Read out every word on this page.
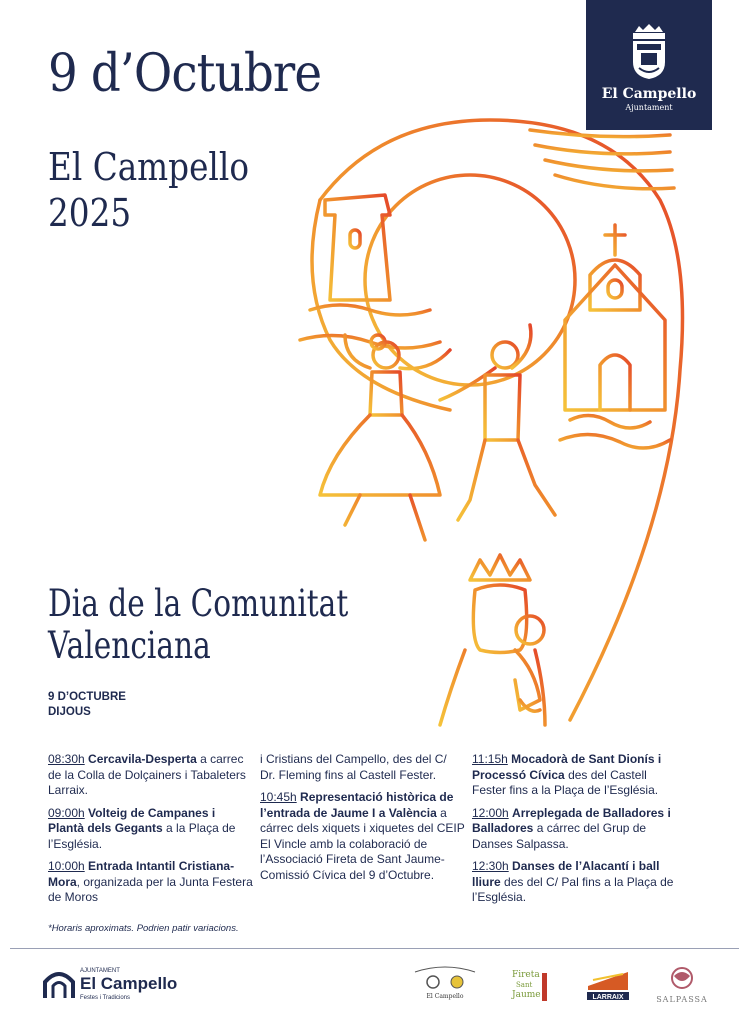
9 d’Octubre
El Campello
2025
El Campello
Ajuntament
Dia de la Comunitat Valenciana
9 D’OCTUBRE
DIJOUS
08:30h Cercavila-Desperta a carrec de la Colla de Dolçainers i Tabaleters Larraix.
09:00h Volteig de Campanes i Plantà dels Gegants a la Plaça de l’Església.
10:00h Entrada Intantil Cristiana-Mora, organizada per la Junta Festera de Moros
i Cristians del Campello, des del C/ Dr. Fleming fins al Castell Fester.
10:45h Representació històrica de l’entrada de Jaume I a València a cárrec dels xiquets i xiquetes del CEIP El Vincle amb la colaboració de l’Associació Fireta de Sant Jaume-Comissió Cívica del 9 d’Octubre.
11:15h Mocadorà de Sant Dionís i Processó Cívica des del Castell Fester fins a la Plaça de l’Església.
12:00h Arreplegada de Balladores i Balladores a cárrec del Grup de Danses Salpassa.
12:30h Danses de l’Alacantí i ball lliure des del C/ Pal fins a la Plaça de l’Església.
*Horaris aproximats. Podrien patir variacions.
AJUNTAMENT
El Campello
Festes i Tradicions	El Campello
Fireta
Sant
Jaume	LARRAIX	SALPASSA
